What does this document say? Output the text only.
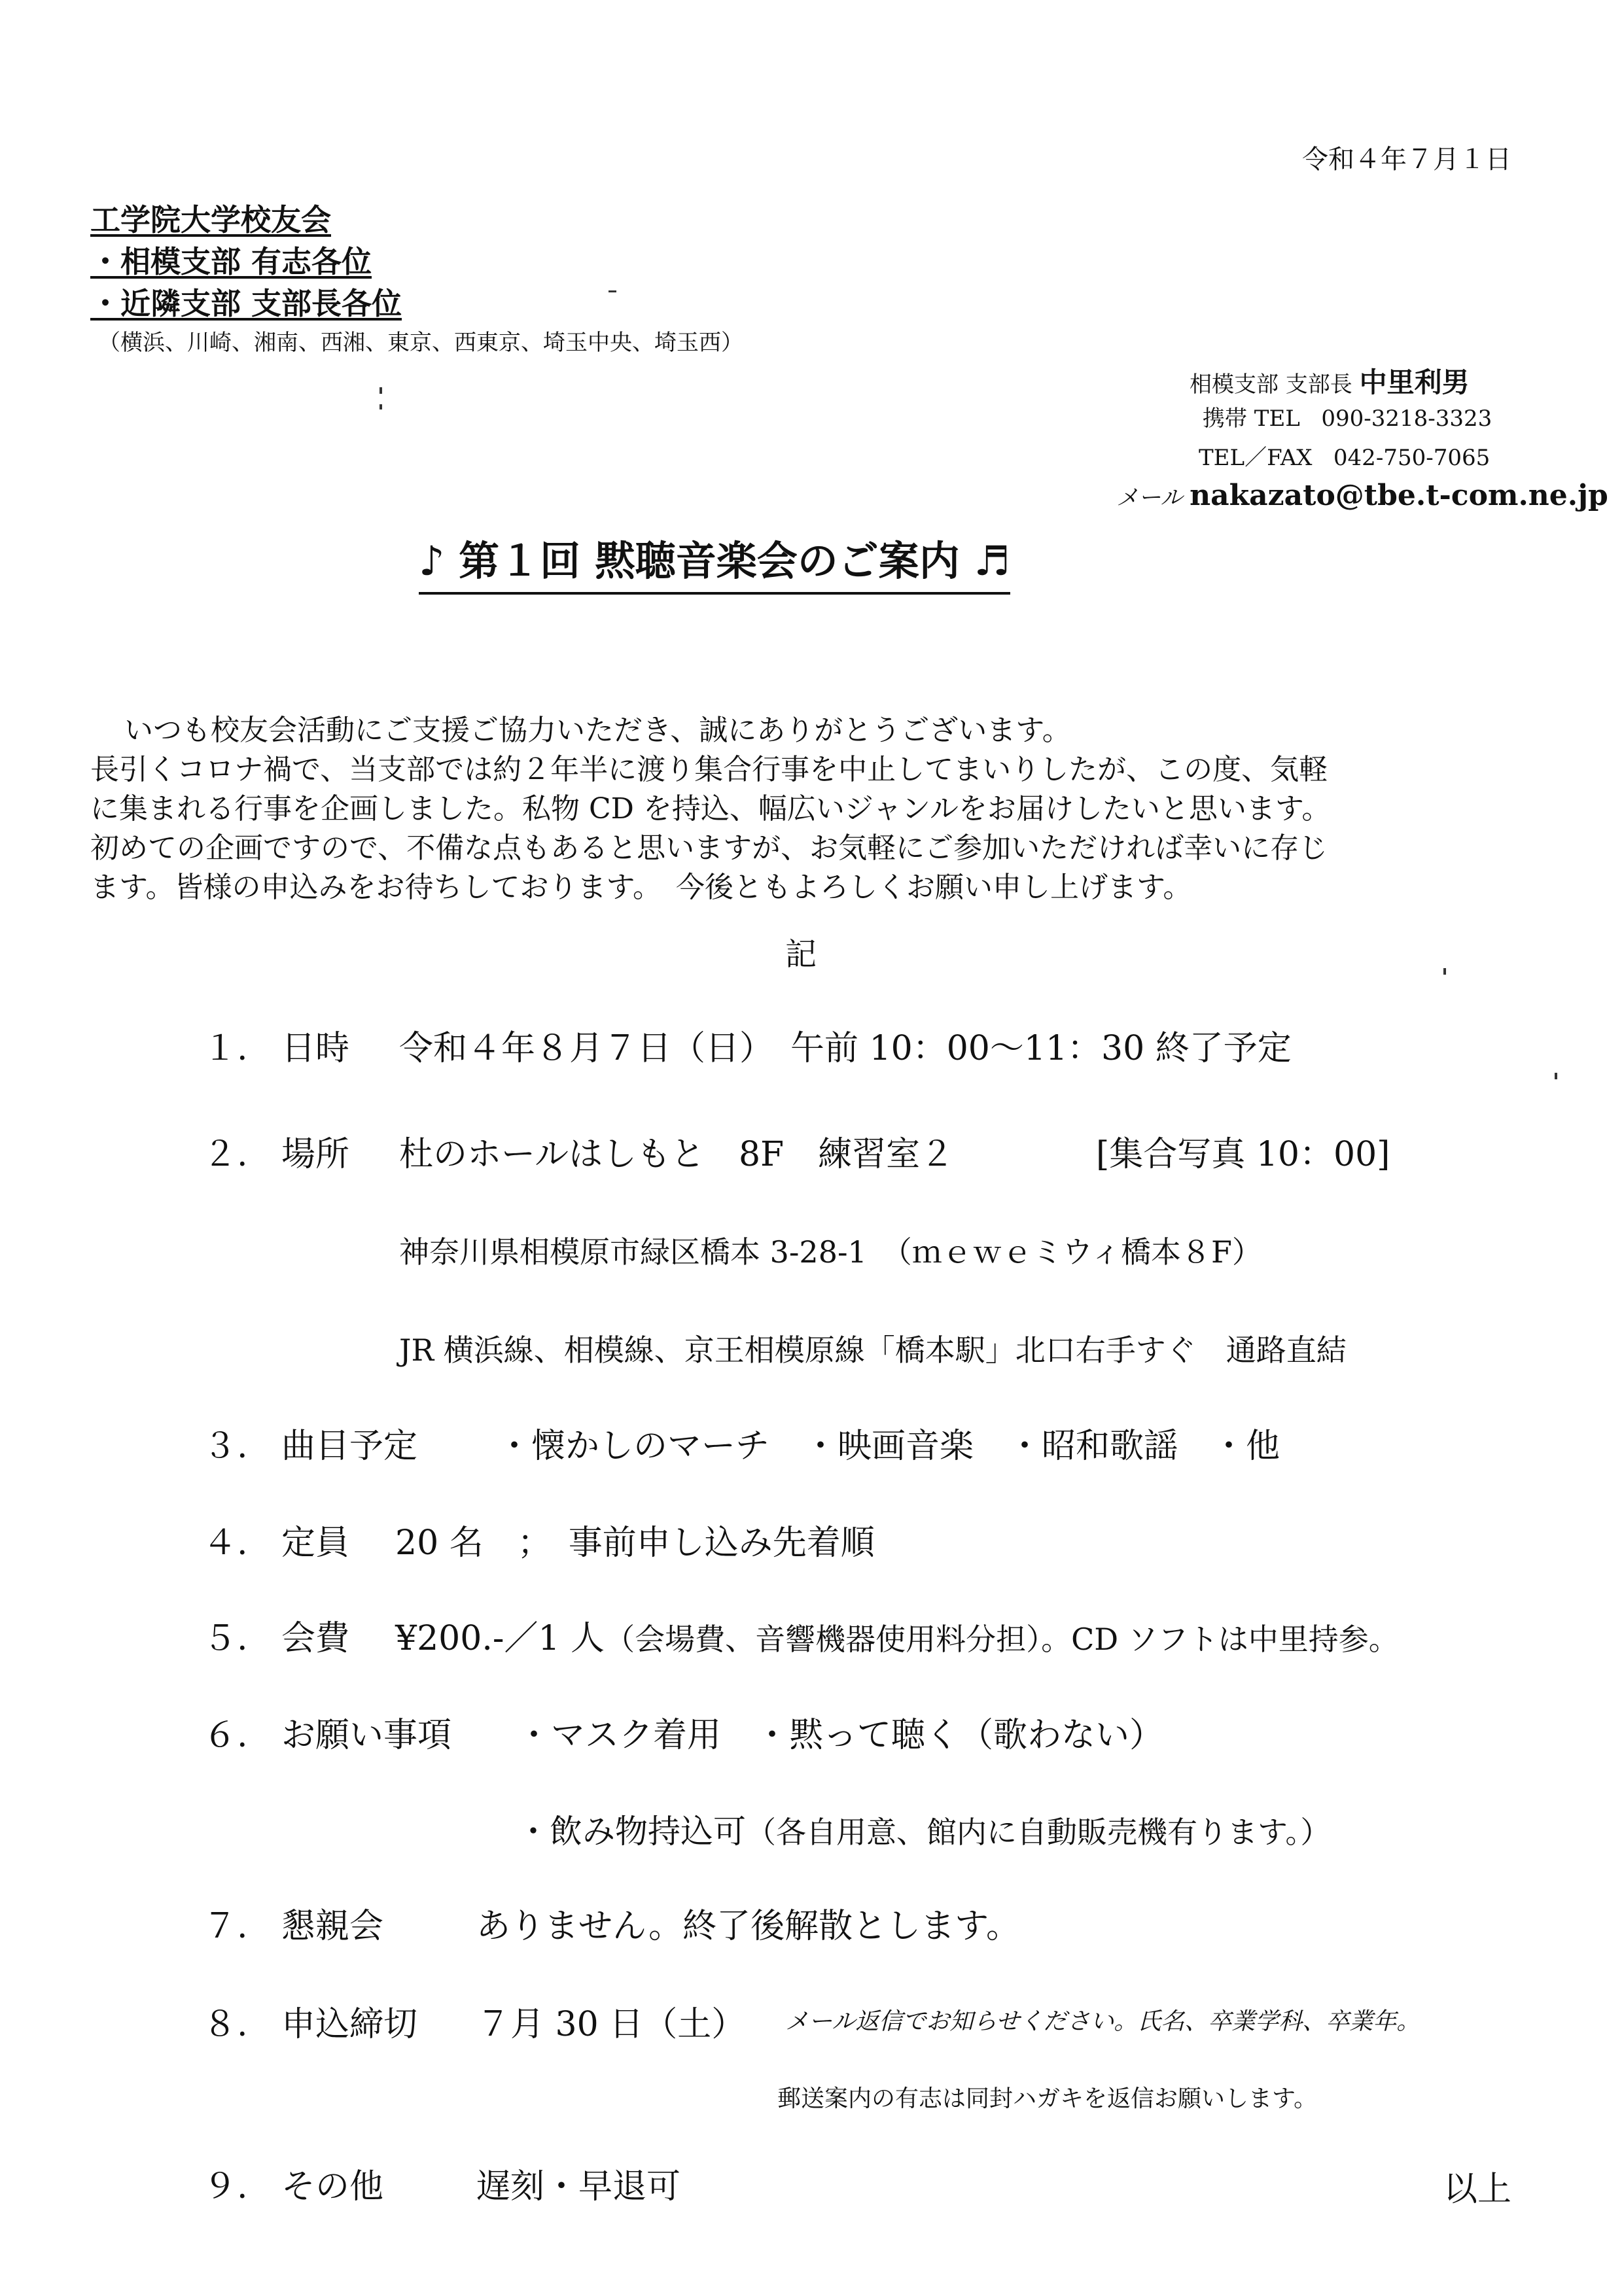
令和４年７月１日
工学院大学校友会
・相模支部 有志各位
・近隣支部 支部長各位
（横浜、川崎、湘南、西湘、東京、西東京、埼玉中央、埼玉西）
相模支部 支部長 中里利男
携帯 TEL 090-3218-3323
TEL／FAX 042-750-7065
メール nakazato@tbe.t-com.ne.jp
♪ 第１回 黙聴音楽会のご案内 ♬
いつも校友会活動にご支援ご協力いただき、誠にありがとうございます。
長引くコロナ禍で、当支部では約２年半に渡り集合行事を中止してまいりしたが、この度、気軽
に集まれる行事を企画しました。私物 CD を持込、幅広いジャンルをお届けしたいと思います。
初めての企画ですので、不備な点もあると思いますが、お気軽にご参加いただければ幸いに存じ
ます。皆様の申込みをお待ちしております。　今後ともよろしくお願い申し上げます。
記
１. 日時 令和４年８月７日（日）　午前 10：00〜11：30 終了予定
２. 場所 杜のホールはしもと　8F　練習室２	[集合写真 10：00]
神奈川県相模原市緑区橋本 3-28-1　（ｍｅｗｅミウィ橋本８F）
JR 横浜線、相模線、京王相模原線「橋本駅」北口右手すぐ　通路直結
３. 曲目予定 ・懐かしのマーチ　・映画音楽　・昭和歌謡　・他
４. 定員 20 名　；　事前申し込み先着順
５. 会費 ¥200.-／1 人（会場費、音響機器使用料分担）。CD ソフトは中里持参。
６. お願い事項 ・マスク着用　・黙って聴く（歌わない）
・飲み物持込可（各自用意、館内に自動販売機有ります。）
７. 懇親会	ありません。終了後解散とします。
８. 申込締切 ７月 30 日（土） メール返信でお知らせください。氏名、卒業学科、卒業年。
郵送案内の有志は同封ハガキを返信お願いします。
９. その他	遅刻・早退可	以上
